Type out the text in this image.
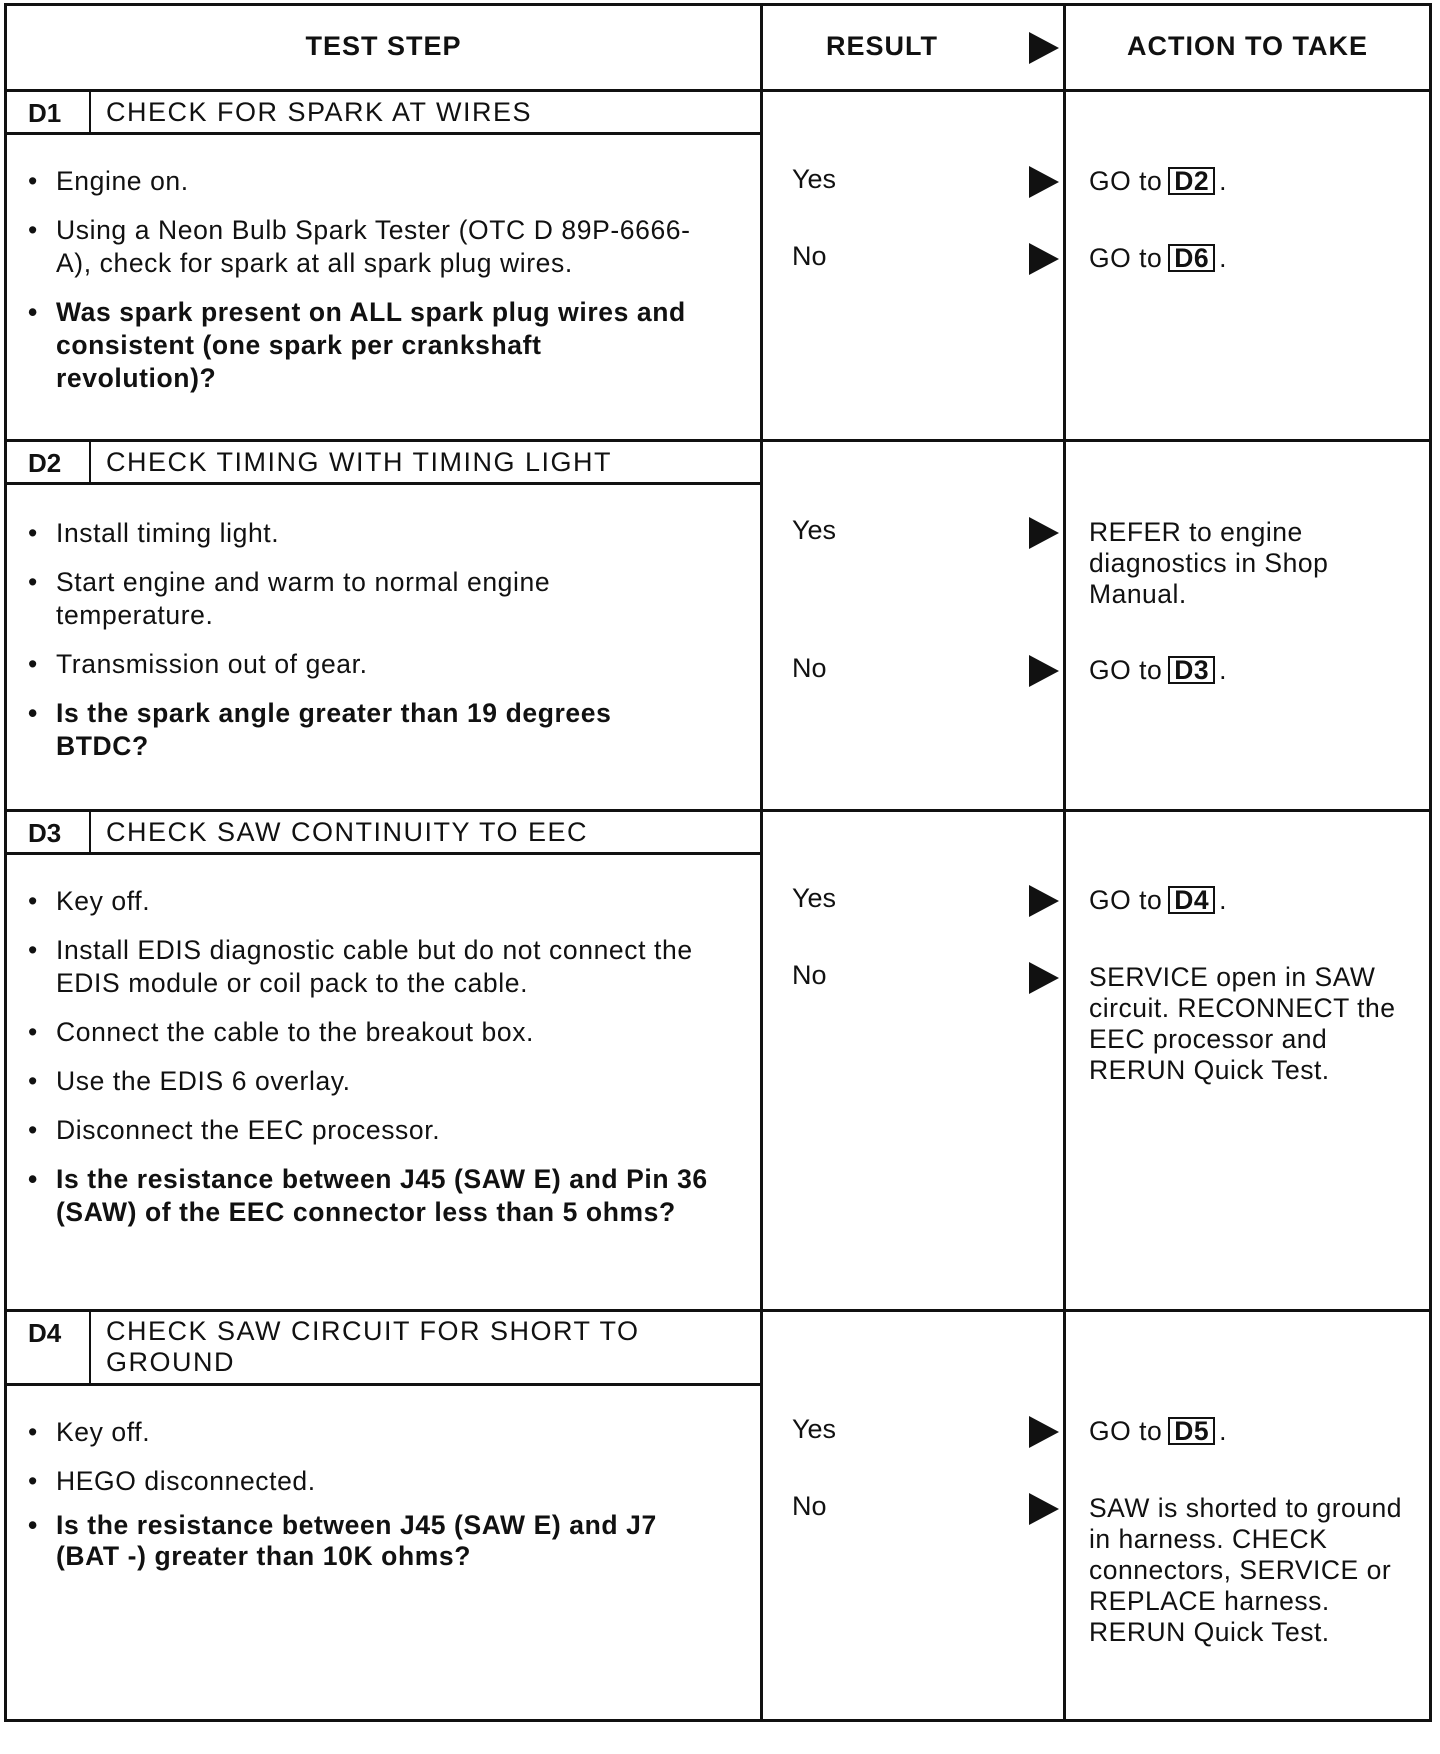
TEST STEP	RESULT	ACTION TO TAKE
D1 CHECK FOR SPARK AT WIRES
• Engine on.
• Using a Neon Bulb Spark Tester (OTC D 89P-6666-A), check for spark at all spark plug wires.
• Was spark present on ALL spark plug wires and consistent (one spark per crankshaft revolution)?
Yes	GO to D2 .
No	GO to D6 .
D2 CHECK TIMING WITH TIMING LIGHT
• Install timing light.
• Start engine and warm to normal engine temperature.
• Transmission out of gear.
• Is the spark angle greater than 19 degrees BTDC?
Yes	REFER to engine diagnostics in Shop Manual.
No	GO to D3 .
D3 CHECK SAW CONTINUITY TO EEC
• Key off.
• Install EDIS diagnostic cable but do not connect the EDIS module or coil pack to the cable.
• Connect the cable to the breakout box.
• Use the EDIS 6 overlay.
• Disconnect the EEC processor.
• Is the resistance between J45 (SAW E) and Pin 36 (SAW) of the EEC connector less than 5 ohms?
Yes	GO to D4 .
No	SERVICE open in SAW circuit. RECONNECT the EEC processor and RERUN Quick Test.
D4 CHECK SAW CIRCUIT FOR SHORT TO GROUND
• Key off.
• HEGO disconnected.
• Is the resistance between J45 (SAW E) and J7 (BAT -) greater than 10K ohms?
Yes	GO to D5 .
No	SAW is shorted to ground in harness. CHECK connectors, SERVICE or REPLACE harness. RERUN Quick Test.
